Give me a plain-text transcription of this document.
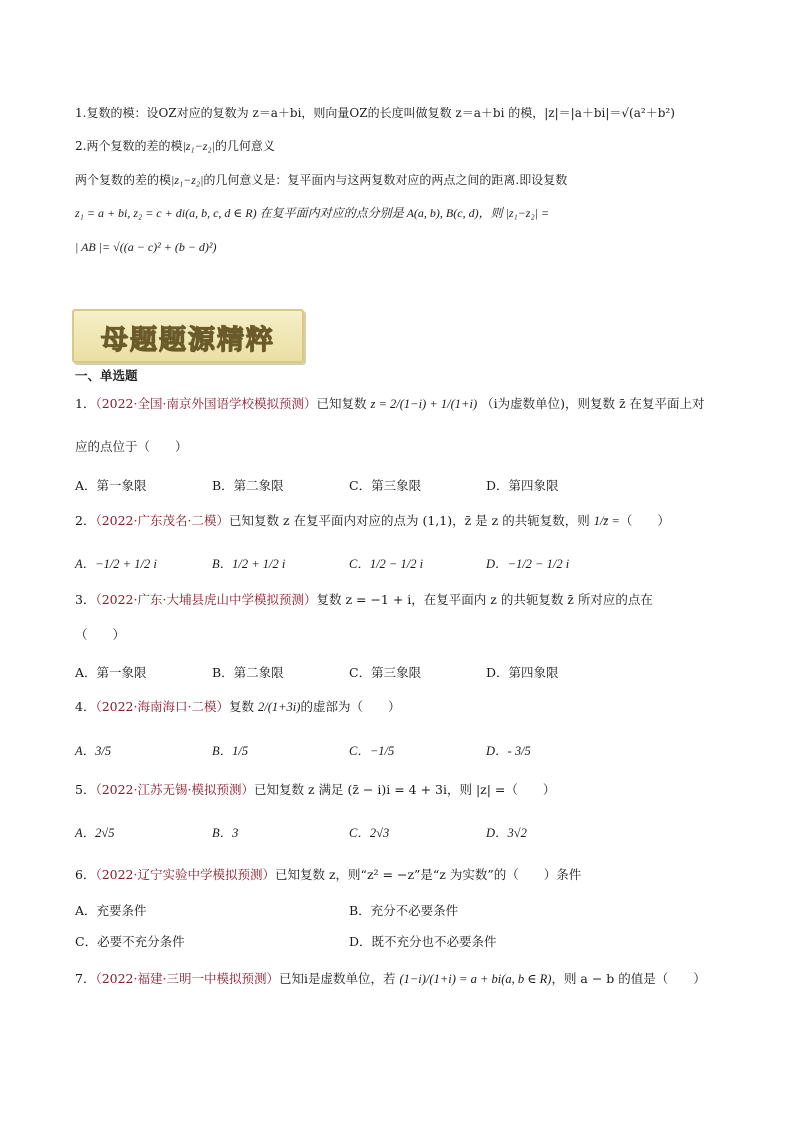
1.复数的模：设OZ对应的复数为 z＝a＋bi，则向量OZ的长度叫做复数 z＝a＋bi 的模，|z|＝|a＋bi|＝√(a²＋b²)
2.两个复数的差的模|z₁−z₂|的几何意义
两个复数的差的模|z₁−z₂|的几何意义是：复平面内与这两复数对应的两点之间的距离.即设复数
z₁ = a + bi, z₂ = c + di(a, b, c, d ∈ R) 在复平面内对应的点分别是 A(a, b), B(c, d)，则 |z₁−z₂| =
| AB |= √((a − c)² + (b − d)²)
母题题源精粹
一、单选题
1．（2022·全国·南京外国语学校模拟预测）已知复数 z = 2/(1−i) + 1/(1+i) （i为虚数单位)，则复数 z̄ 在复平面上对
应的点位于（　　）
A．第一象限	B．第二象限	C．第三象限	D．第四象限
2．（2022·广东茂名·二模）已知复数 z 在复平面内对应的点为 (1,1)，z̄ 是 z 的共轭复数，则 1/z̄ =（　　）
A．−1/2 + 1/2 i	B．1/2 + 1/2 i	C．1/2 − 1/2 i	D．−1/2 − 1/2 i
3．（2022·广东·大埔县虎山中学模拟预测）复数 z = −1 + i，在复平面内 z 的共轭复数 z̄ 所对应的点在
（　　）
A．第一象限	B．第二象限	C．第三象限	D．第四象限
4．（2022·海南海口·二模）复数 2/(1+3i)的虚部为（　　）
A．3/5	B．1/5	C．−1/5	D．- 3/5
5．（2022·江苏无锡·模拟预测）已知复数 z 满足 (z̄ − i)i = 4 + 3i，则 |z| =（　　）
A．2√5	B．3	C．2√3	D．3√2
6．（2022·辽宁实验中学模拟预测）已知复数 z，则“z² = −z”是“z 为实数”的（　　）条件
A．充要条件	B．充分不必要条件
C．必要不充分条件	D．既不充分也不必要条件
7．（2022·福建·三明一中模拟预测）已知i是虚数单位，若 (1−i)/(1+i) = a + bi(a, b ∈ R)，则 a − b 的值是（　　）
